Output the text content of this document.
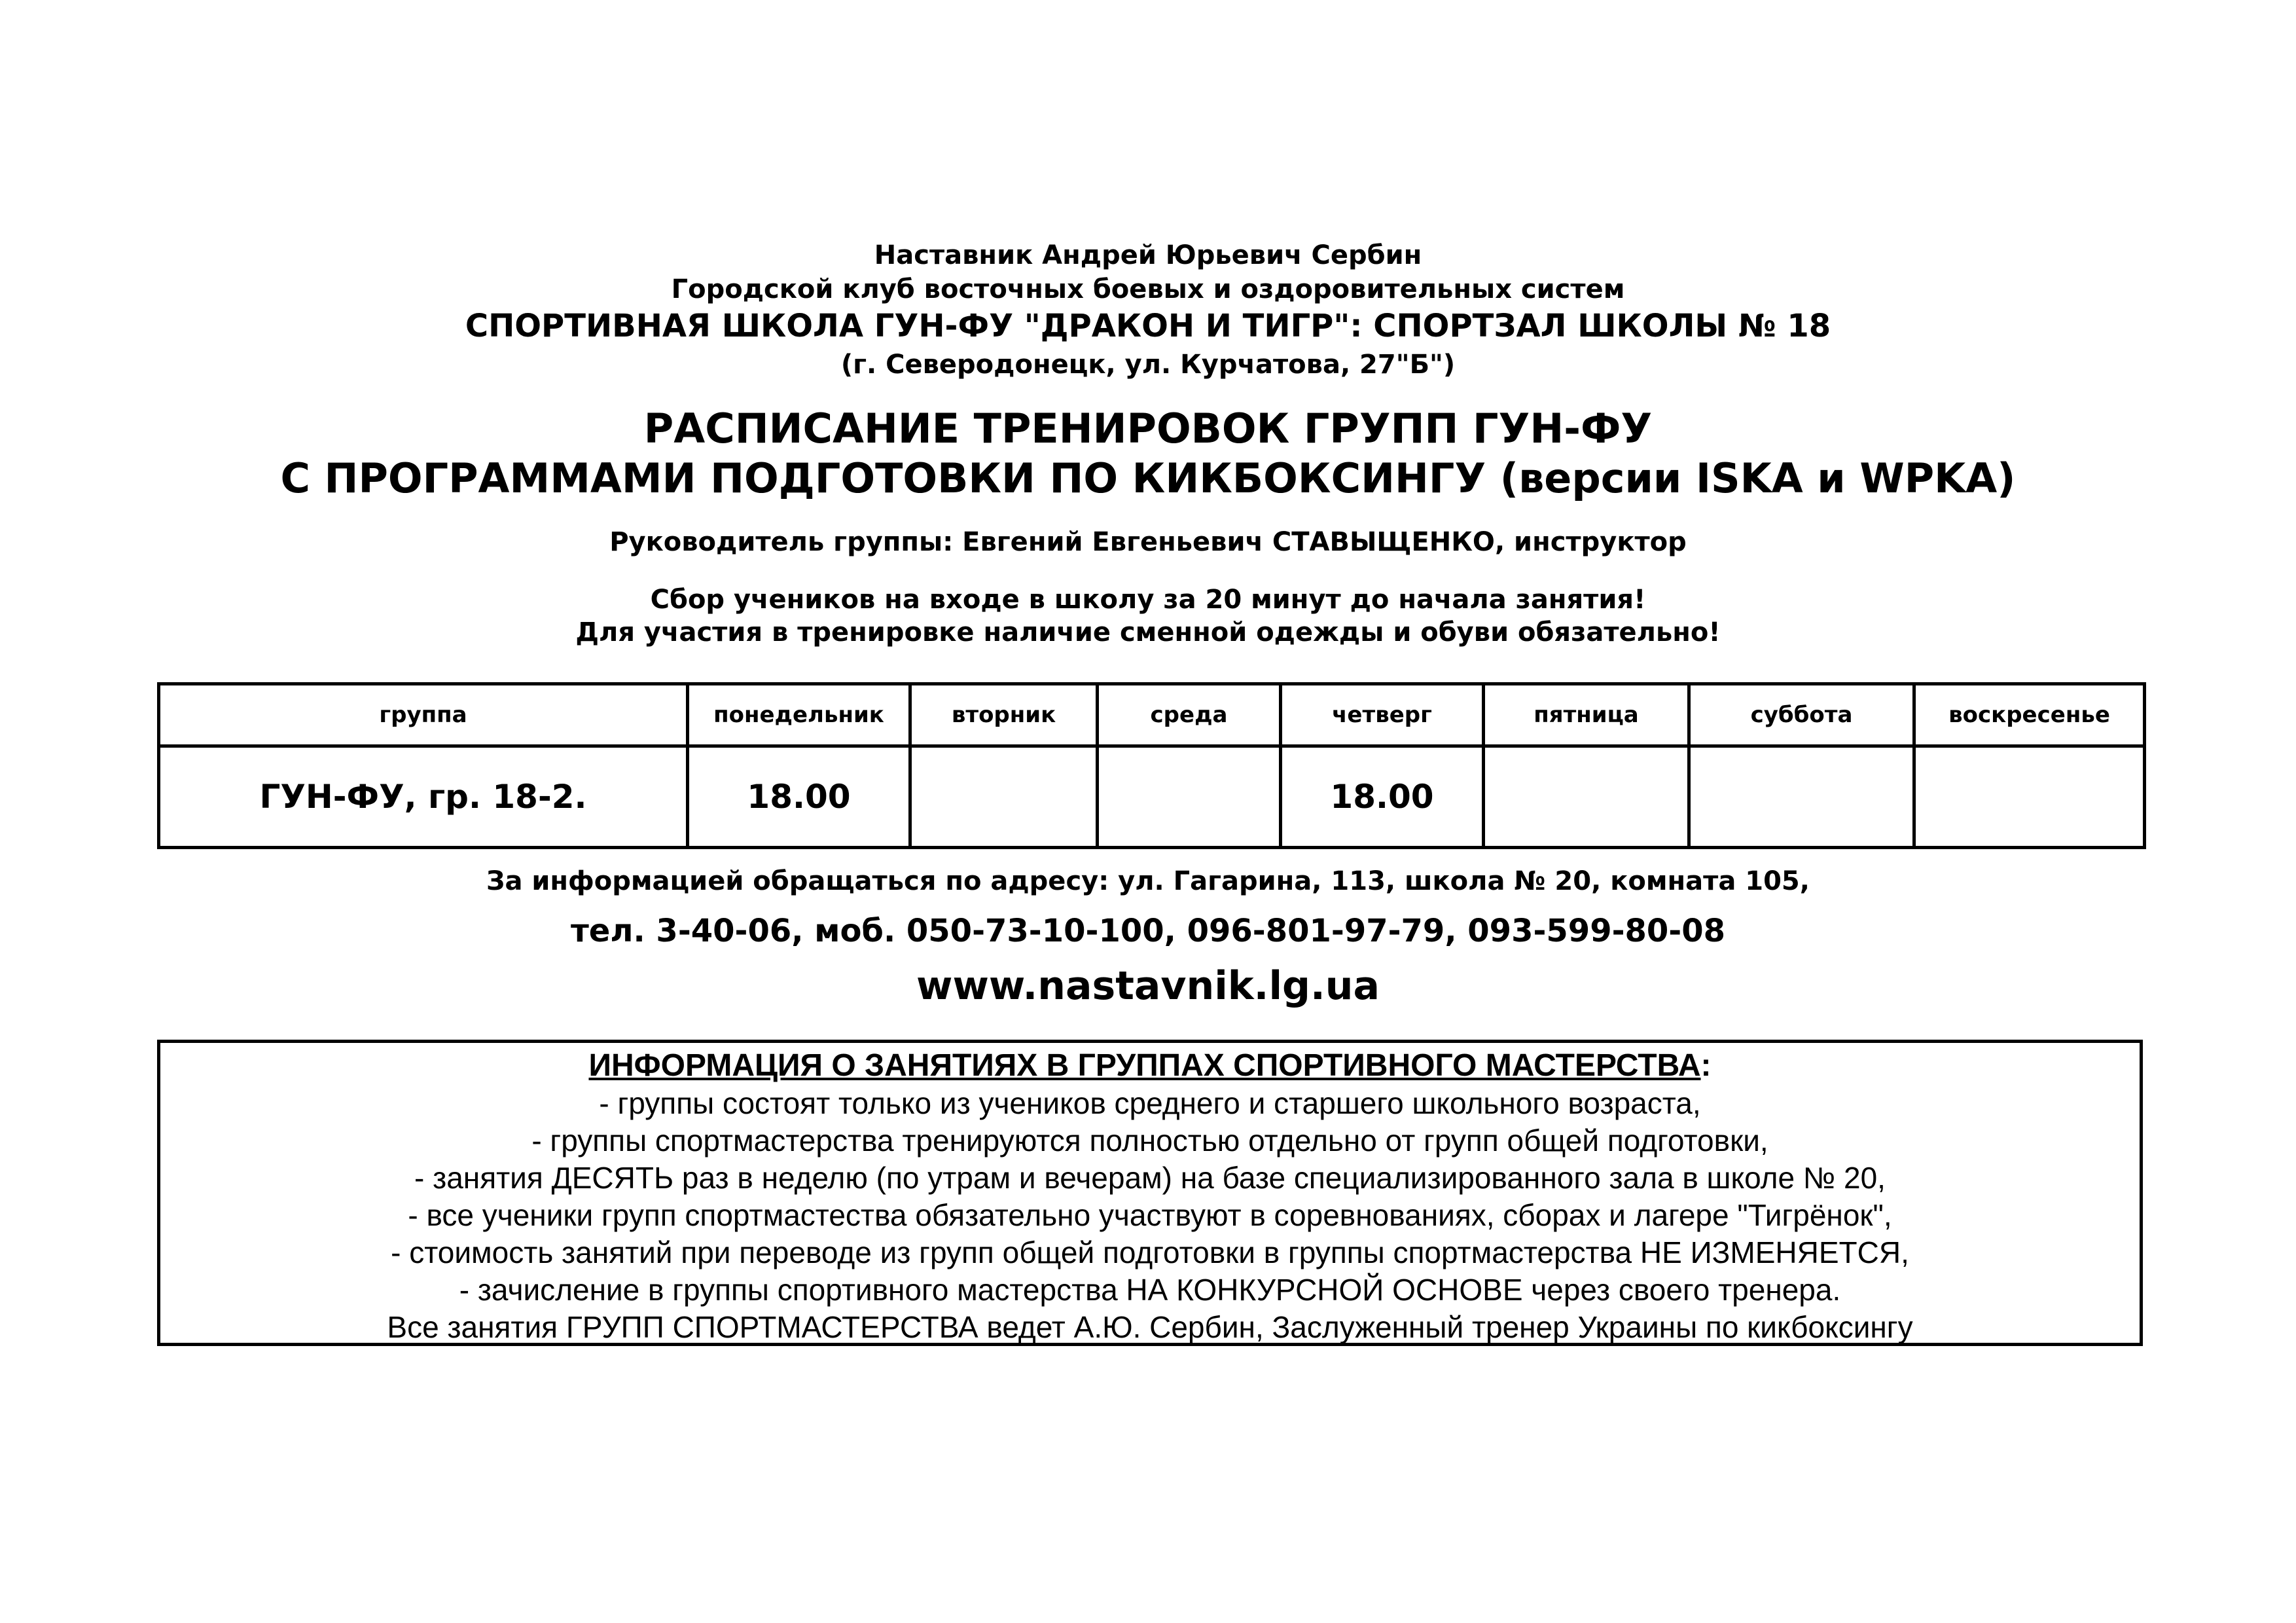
Наставник Андрей Юрьевич Сербин
Городской клуб восточных боевых и оздоровительных систем
СПОРТИВНАЯ ШКОЛА ГУН-ФУ "ДРАКОН И ТИГР": СПОРТЗАЛ ШКОЛЫ № 18
(г. Северодонецк, ул. Курчатова, 27"Б")
РАСПИСАНИЕ ТРЕНИРОВОК ГРУПП ГУН-ФУ
С ПРОГРАММАМИ ПОДГОТОВКИ ПО КИКБОКСИНГУ (версии ISKA и WPKA)
Руководитель группы: Евгений Евгеньевич СТАВЫЩЕНКО, инструктор
Сбор учеников на входе в школу за 20 минут до начала занятия!
Для участия в тренировке наличие сменной одежды и обуви обязательно!
группа	понедельник	вторник	среда	четверг	пятница	суббота	воскресенье
ГУН-ФУ, гр. 18-2.	18.00			18.00			
За информацией обращаться по адресу: ул. Гагарина, 113, школа № 20, комната 105,
тел. 3-40-06, моб. 050-73-10-100, 096-801-97-79, 093-599-80-08
www.nastavnik.lg.ua
ИНФОРМАЦИЯ О ЗАНЯТИЯХ В ГРУППАХ СПОРТИВНОГО МАСТЕРСТВА:
- группы состоят только из учеников среднего и старшего школьного возраста,
- группы спортмастерства тренируются полностью отдельно от групп общей подготовки,
- занятия ДЕСЯТЬ раз в неделю (по утрам и вечерам) на базе специализированного зала в школе № 20,
- все ученики групп спортмастества обязательно участвуют в соревнованиях, сборах и лагере "Тигрёнок",
- стоимость занятий при переводе из групп общей подготовки в группы спортмастерства НЕ ИЗМЕНЯЕТСЯ,
- зачисление в группы спортивного мастерства НА КОНКУРСНОЙ ОСНОВЕ через своего тренера.
Все занятия ГРУПП СПОРТМАСТЕРСТВА ведет А.Ю. Сербин, Заслуженный тренер Украины по кикбоксингу
